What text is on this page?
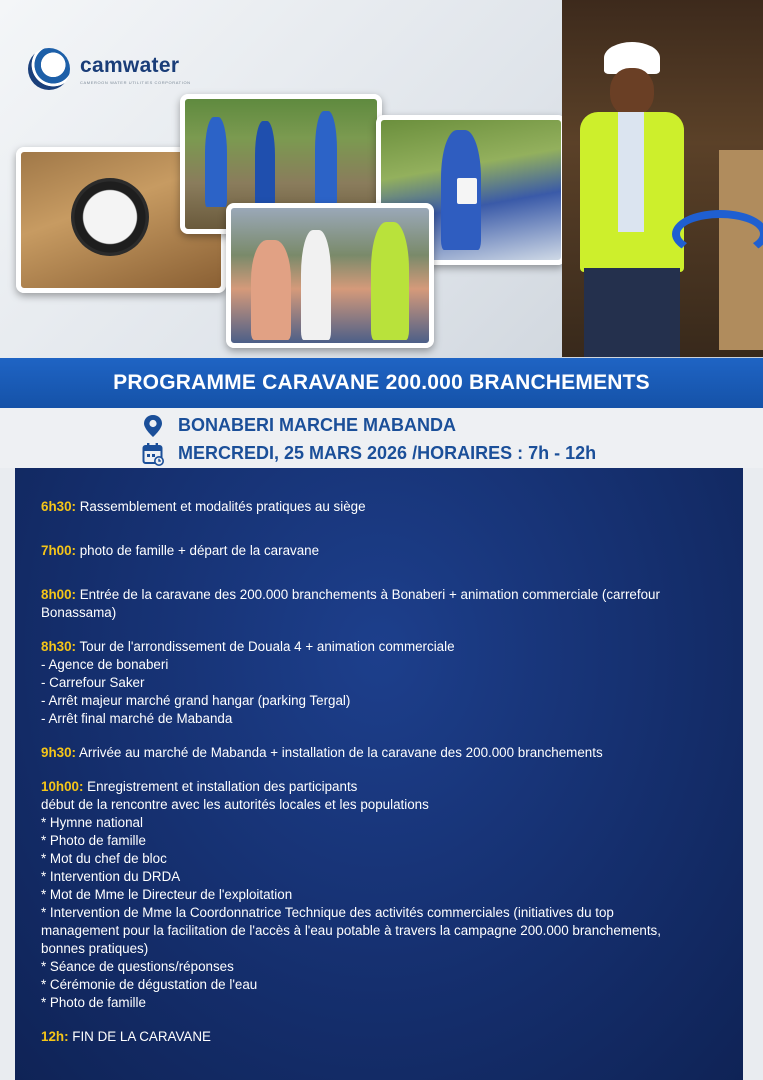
camwater
CAMEROON WATER UTILITIES CORPORATION
PROGRAMME CARAVANE 200.000 BRANCHEMENTS
BONABERI MARCHE MABANDA
MERCREDI, 25 MARS 2026 /HORAIRES : 7h - 12h
6h30: Rassemblement et modalités pratiques au siège
7h00: photo de famille + départ de la caravane
8h00: Entrée de la caravane des 200.000 branchements à Bonaberi + animation commerciale (carrefour
Bonassama)
8h30: Tour de l'arrondissement de Douala 4 + animation commerciale
- Agence de bonaberi
- Carrefour Saker
- Arrêt majeur marché grand hangar (parking Tergal)
- Arrêt final marché de Mabanda
9h30: Arrivée au marché de Mabanda + installation de la caravane des 200.000 branchements
10h00: Enregistrement et installation des participants
début de la rencontre avec les autorités locales et les populations
* Hymne national
* Photo de famille
* Mot du chef de bloc
* Intervention du DRDA
* Mot de Mme le Directeur de l'exploitation
* Intervention de Mme la Coordonnatrice Technique des activités commerciales (initiatives du top
management pour la facilitation de l'accès à l'eau potable à travers la campagne 200.000 branchements,
bonnes pratiques)
* Séance de questions/réponses
* Cérémonie de dégustation de l'eau
* Photo de famille
12h: FIN DE LA CARAVANE
